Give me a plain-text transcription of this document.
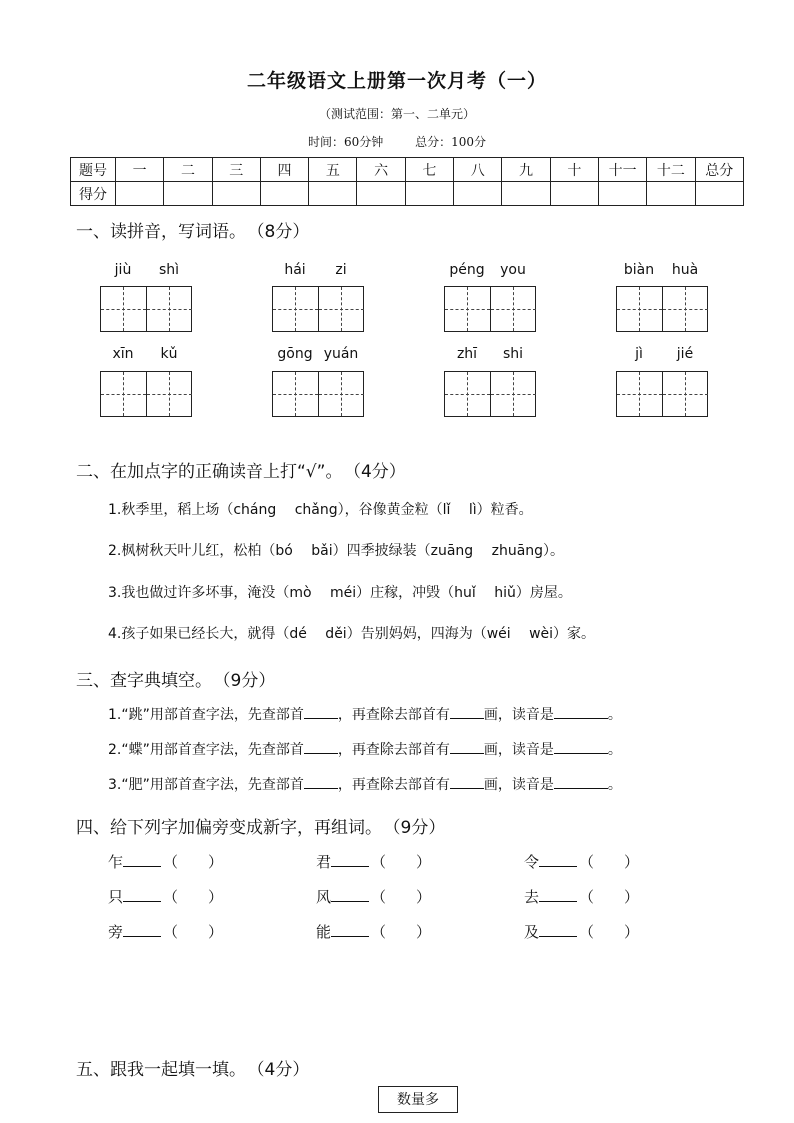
二年级语文上册第一次月考（一）
（测试范围：第一、二单元）
时间：60分钟	总分：100分
题号	一	二	三	四	五	六	七	八	九	十	十一	十二	总分
得分													
一、读拼音，写词语。 （8分）
jiù	shì	hái	zi	péng	you	biàn	huà
xīn	kǔ	gōng yuán	zhī	shi	jì	jié
二、在加点字的正确读音上打“√”。 （4分）
1.秋季里，稻上场（cháng　 chǎng），谷像黄金粒（lǐ　 lì）粒香。
2.枫树秋天叶儿红，松柏（bó　 bǎi）四季披绿装（zuāng　 zhuāng）。
3.我也做过许多坏事，淹没（mò　 méi）庄稼，冲毁（huǐ　 hiǔ）房屋。
4.孩子如果已经长大，就得（dé　 děi）告别妈妈，四海为（wéi　 wèi）家。
三、查字典填空。 （9分）
1.“跳”用部首查字法，先查部首 ，再查除去部首有 画，读音是	。
2.“蝶”用部首查字法，先查部首 ，再查除去部首有 画，读音是	。
3.“肥”用部首查字法，先查部首 ，再查除去部首有 画，读音是	。
四、给下列字加偏旁变成新字，再组词。 （9分）
乍	（　　）	君	（　　）	令	（　　）
只	（　　）	风	（　　）	去	（　　）
旁	（　　）	能	（　　）	及	（　　）
五、跟我一起填一填。 （4分）
数量多
